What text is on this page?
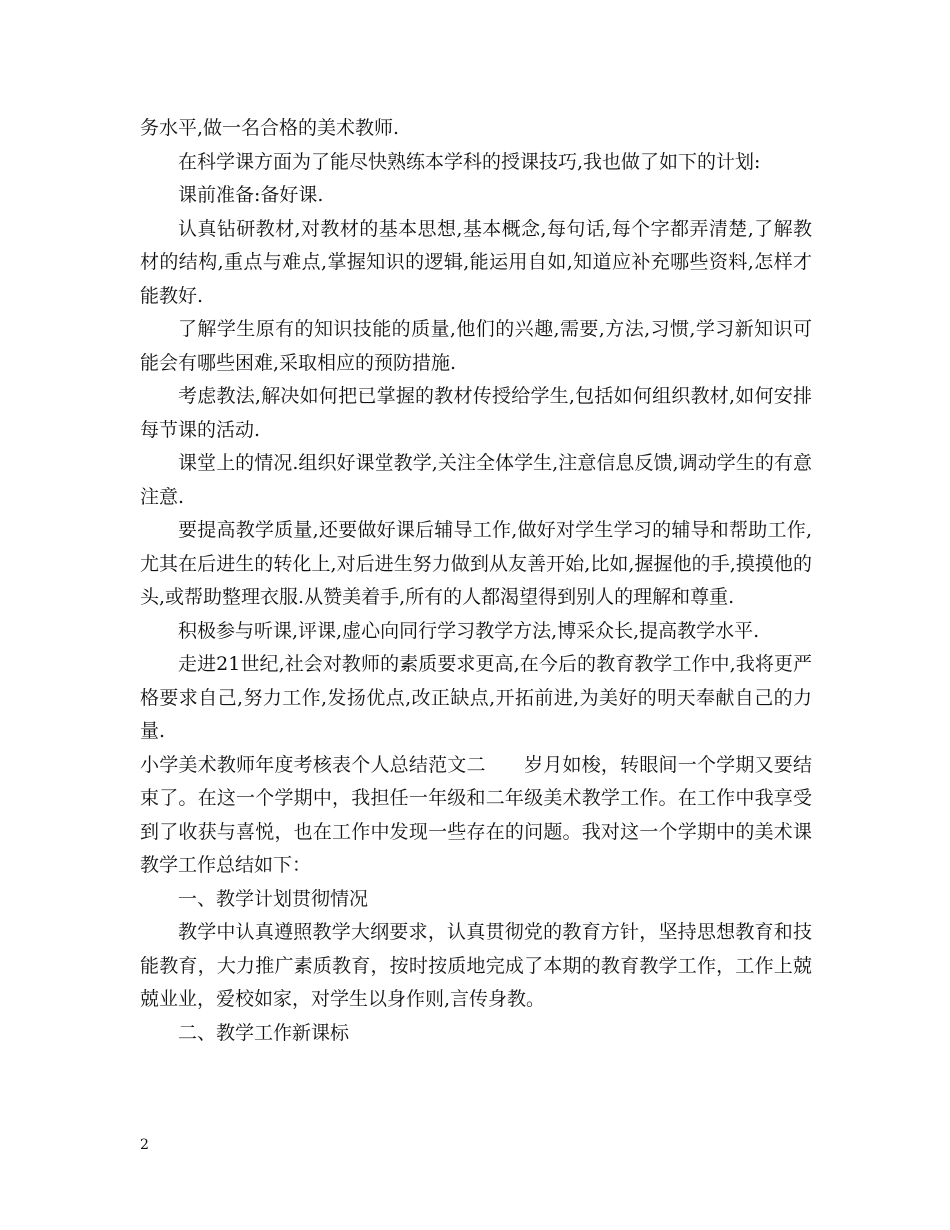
务水平,做一名合格的美术教师.

在科学课方面为了能尽快熟练本学科的授课技巧,我也做了如下的计划:

课前准备:备好课.

认真钻研教材,对教材的基本思想,基本概念,每句话,每个字都弄清楚,了解教材的结构,重点与难点,掌握知识的逻辑,能运用自如,知道应补充哪些资料,怎样才能教好.

了解学生原有的知识技能的质量,他们的兴趣,需要,方法,习惯,学习新知识可能会有哪些困难,采取相应的预防措施.

考虑教法,解决如何把已掌握的教材传授给学生,包括如何组织教材,如何安排每节课的活动.

课堂上的情况.组织好课堂教学,关注全体学生,注意信息反馈,调动学生的有意注意.

要提高教学质量,还要做好课后辅导工作,做好对学生学习的辅导和帮助工作,尤其在后进生的转化上,对后进生努力做到从友善开始,比如,握握他的手,摸摸他的头,或帮助整理衣服.从赞美着手,所有的人都渴望得到别人的理解和尊重.

积极参与听课,评课,虚心向同行学习教学方法,博采众长,提高教学水平.

走进21世纪,社会对教师的素质要求更高,在今后的教育教学工作中,我将更严格要求自己,努力工作,发扬优点,改正缺点,开拓前进,为美好的明天奉献自己的力量.

小学美术教师年度考核表个人总结范文二　　岁月如梭，转眼间一个学期又要结束了。在这一个学期中，我担任一年级和二年级美术教学工作。在工作中我享受到了收获与喜悦，也在工作中发现一些存在的问题。我对这一个学期中的美术课教学工作总结如下：

一、教学计划贯彻情况

教学中认真遵照教学大纲要求，认真贯彻党的教育方针，坚持思想教育和技能教育，大力推广素质教育，按时按质地完成了本期的教育教学工作，工作上兢兢业业，爱校如家，对学生以身作则,言传身教。

二、教学工作新课标

2
